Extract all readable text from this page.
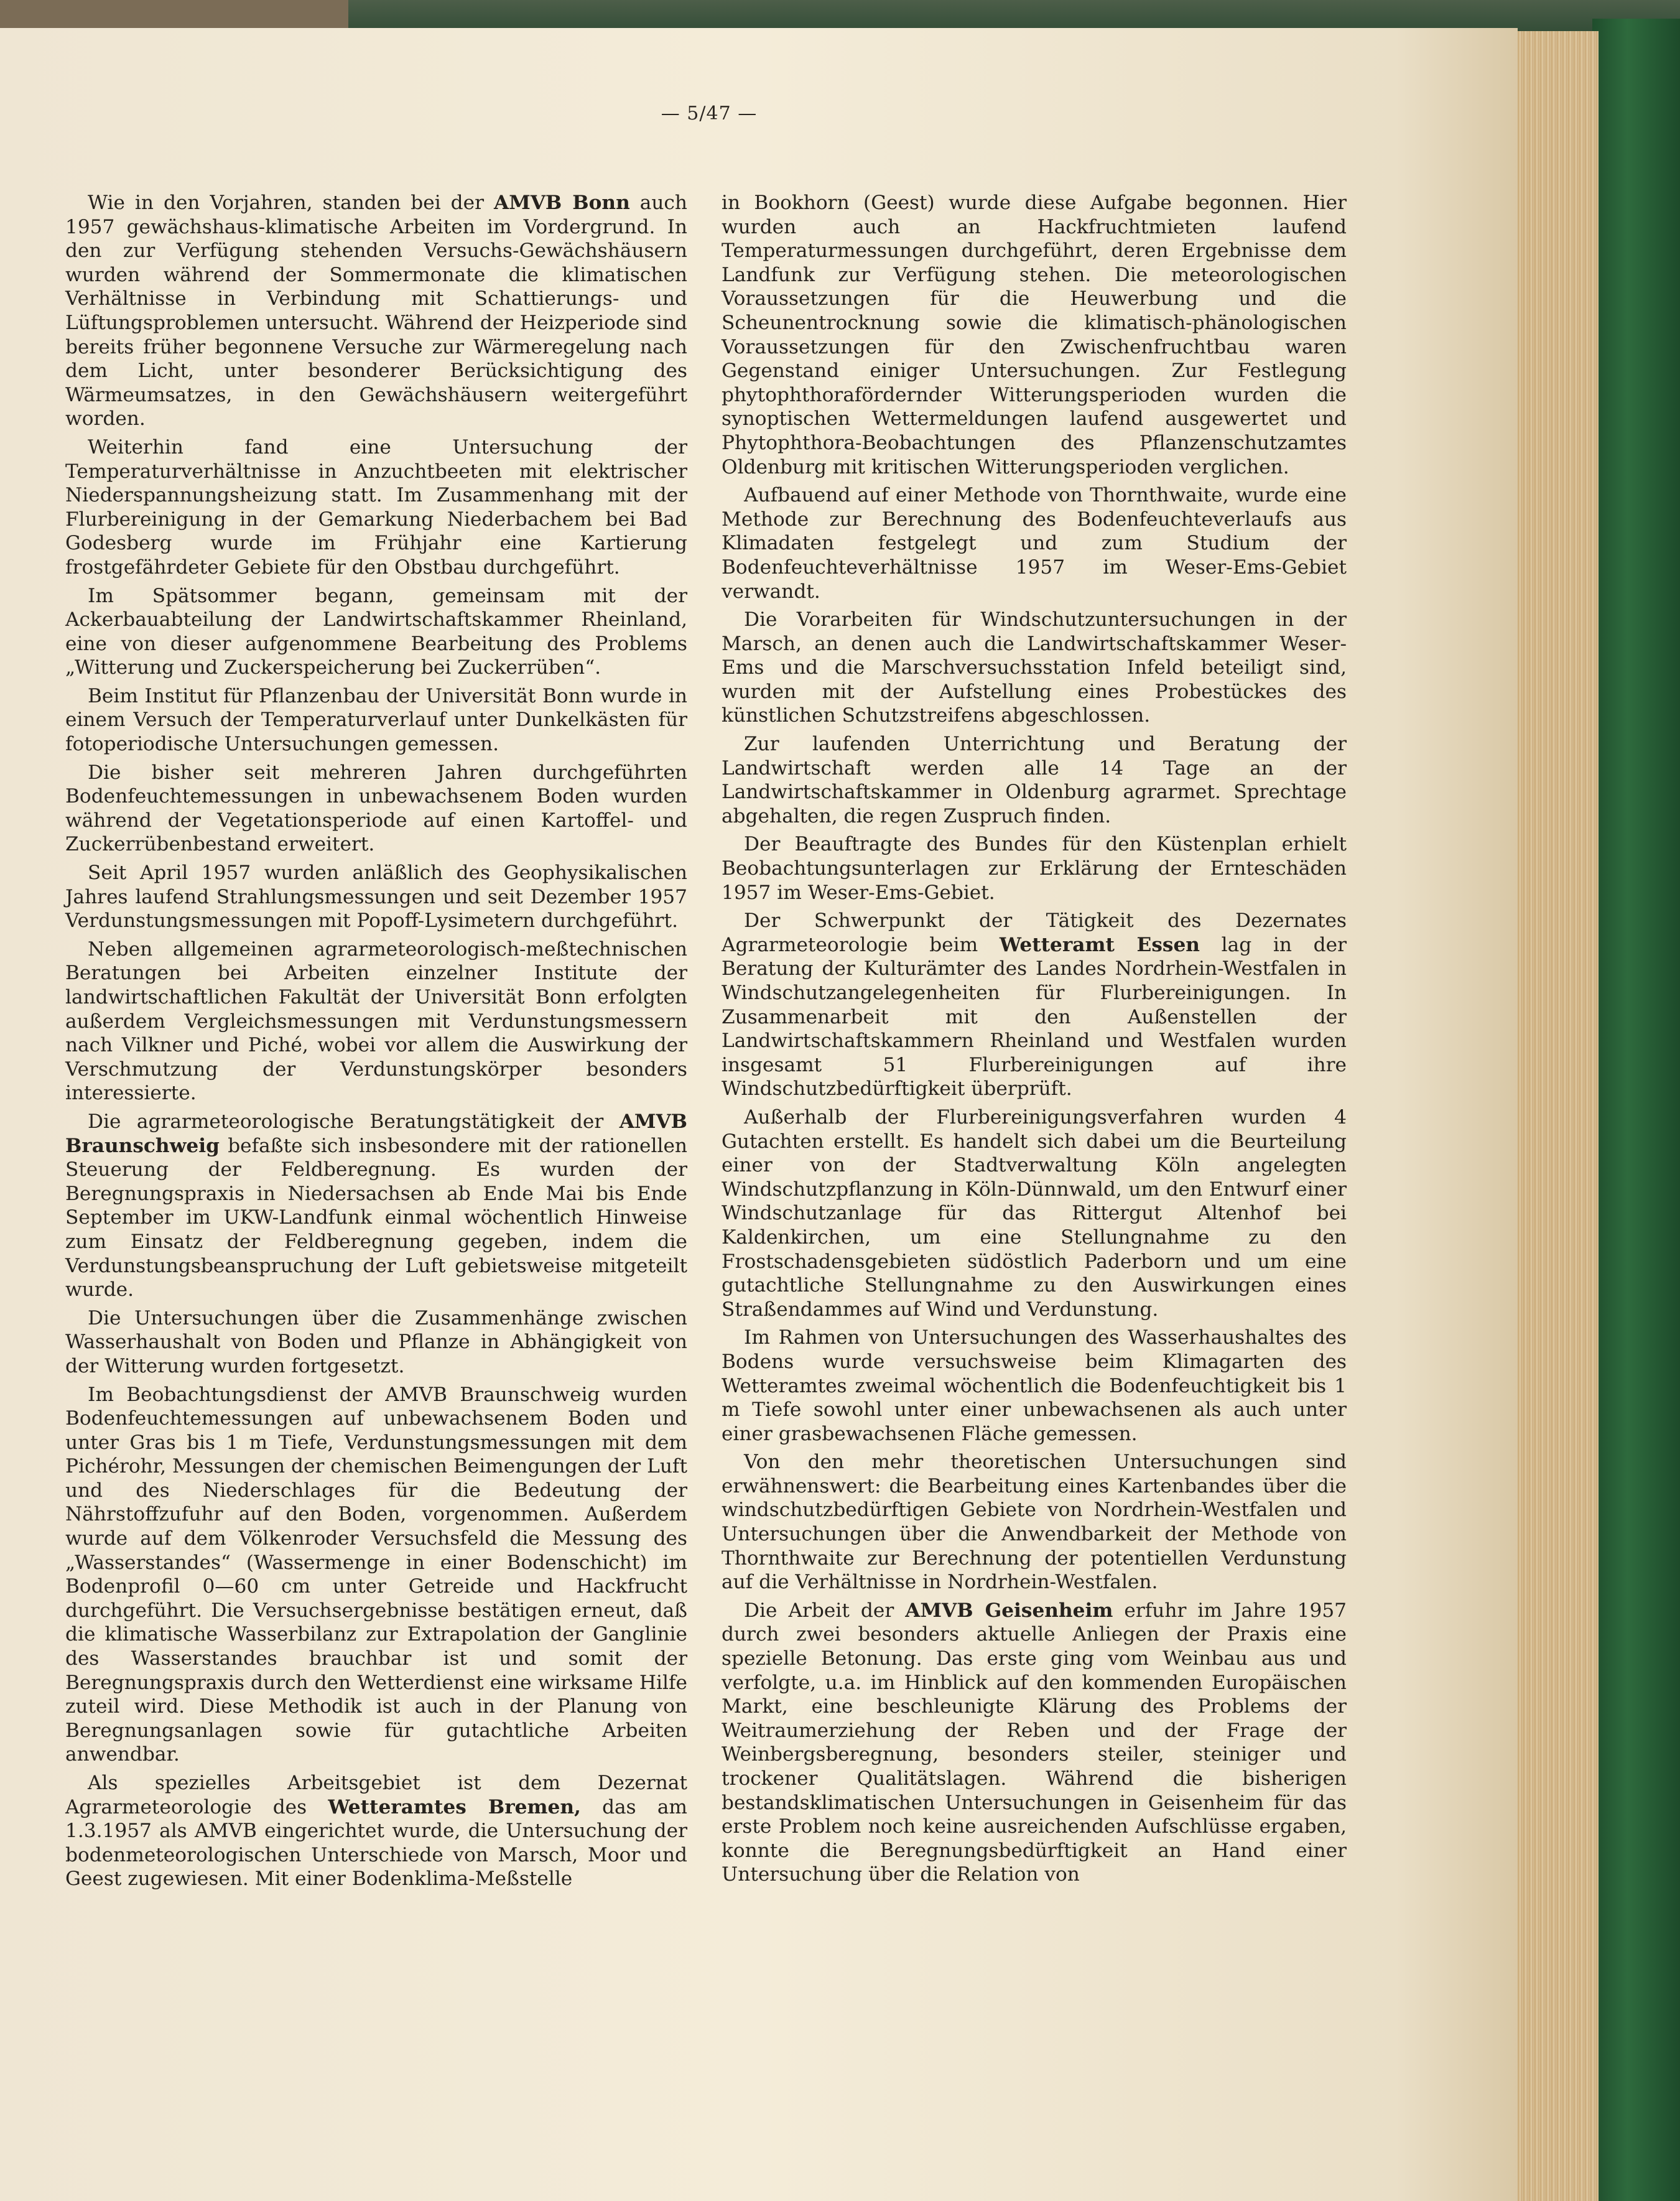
— 5/47 —

Wie in den Vorjahren, standen bei der AMVB Bonn auch 1957 gewächshaus-klimatische Arbeiten im Vordergrund. In den zur Verfügung stehenden Versuchs-Gewächshäusern wurden während der Sommermonate die klimatischen Verhältnisse in Verbindung mit Schattierungs- und Lüftungsproblemen untersucht. Während der Heizperiode sind bereits früher begonnene Versuche zur Wärmeregelung nach dem Licht, unter besonderer Berücksichtigung des Wärmeumsatzes, in den Gewächshäusern weitergeführt worden.

Weiterhin fand eine Untersuchung der Temperaturverhältnisse in Anzuchtbeeten mit elektrischer Niederspannungsheizung statt. Im Zusammenhang mit der Flurbereinigung in der Gemarkung Niederbachem bei Bad Godesberg wurde im Frühjahr eine Kartierung frostgefährdeter Gebiete für den Obstbau durchgeführt.

Im Spätsommer begann, gemeinsam mit der Ackerbauabteilung der Landwirtschaftskammer Rheinland, eine von dieser aufgenommene Bearbeitung des Problems „Witterung und Zuckerspeicherung bei Zuckerrüben“.

Beim Institut für Pflanzenbau der Universität Bonn wurde in einem Versuch der Temperaturverlauf unter Dunkelkästen für fotoperiodische Untersuchungen gemessen.

Die bisher seit mehreren Jahren durchgeführten Bodenfeuchtemessungen in unbewachsenem Boden wurden während der Vegetationsperiode auf einen Kartoffel- und Zuckerrübenbestand erweitert.

Seit April 1957 wurden anläßlich des Geophysikalischen Jahres laufend Strahlungsmessungen und seit Dezember 1957 Verdunstungsmessungen mit Popoff-Lysimetern durchgeführt.

Neben allgemeinen agrarmeteorologisch-meßtechnischen Beratungen bei Arbeiten einzelner Institute der landwirtschaftlichen Fakultät der Universität Bonn erfolgten außerdem Vergleichsmessungen mit Verdunstungsmessern nach Vilkner und Piché, wobei vor allem die Auswirkung der Verschmutzung der Verdunstungskörper besonders interessierte.

Die agrarmeteorologische Beratungstätigkeit der AMVB Braunschweig befaßte sich insbesondere mit der rationellen Steuerung der Feldberegnung. Es wurden der Beregnungspraxis in Niedersachsen ab Ende Mai bis Ende September im UKW-Landfunk einmal wöchentlich Hinweise zum Einsatz der Feldberegnung gegeben, indem die Verdunstungsbeanspruchung der Luft gebietsweise mitgeteilt wurde.

Die Untersuchungen über die Zusammenhänge zwischen Wasserhaushalt von Boden und Pflanze in Abhängigkeit von der Witterung wurden fortgesetzt.

Im Beobachtungsdienst der AMVB Braunschweig wurden Bodenfeuchtemessungen auf unbewachsenem Boden und unter Gras bis 1 m Tiefe, Verdunstungsmessungen mit dem Pichérohr, Messungen der chemischen Beimengungen der Luft und des Niederschlages für die Bedeutung der Nährstoffzufuhr auf den Boden, vorgenommen. Außerdem wurde auf dem Völkenroder Versuchsfeld die Messung des „Wasserstandes“ (Wassermenge in einer Bodenschicht) im Bodenprofil 0—60 cm unter Getreide und Hackfrucht durchgeführt. Die Versuchsergebnisse bestätigen erneut, daß die klimatische Wasserbilanz zur Extrapolation der Ganglinie des Wasserstandes brauchbar ist und somit der Beregnungspraxis durch den Wetterdienst eine wirksame Hilfe zuteil wird. Diese Methodik ist auch in der Planung von Beregnungsanlagen sowie für gutachtliche Arbeiten anwendbar.

Als spezielles Arbeitsgebiet ist dem Dezernat Agrarmeteorologie des Wetteramtes Bremen, das am 1.3.1957 als AMVB eingerichtet wurde, die Untersuchung der bodenmeteorologischen Unterschiede von Marsch, Moor und Geest zugewiesen. Mit einer Bodenklima-Meßstelle

in Bookhorn (Geest) wurde diese Aufgabe begonnen. Hier wurden auch an Hackfruchtmieten laufend Temperaturmessungen durchgeführt, deren Ergebnisse dem Landfunk zur Verfügung stehen. Die meteorologischen Voraussetzungen für die Heuwerbung und die Scheunentrocknung sowie die klimatisch-phänologischen Voraussetzungen für den Zwischenfruchtbau waren Gegenstand einiger Untersuchungen. Zur Festlegung phytophthorafördernder Witterungsperioden wurden die synoptischen Wettermeldungen laufend ausgewertet und Phytophthora-Beobachtungen des Pflanzenschutzamtes Oldenburg mit kritischen Witterungsperioden verglichen.

Aufbauend auf einer Methode von Thornthwaite, wurde eine Methode zur Berechnung des Bodenfeuchteverlaufs aus Klimadaten festgelegt und zum Studium der Bodenfeuchteverhältnisse 1957 im Weser-Ems-Gebiet verwandt.

Die Vorarbeiten für Windschutzuntersuchungen in der Marsch, an denen auch die Landwirtschaftskammer Weser-Ems und die Marschversuchsstation Infeld beteiligt sind, wurden mit der Aufstellung eines Probestückes des künstlichen Schutzstreifens abgeschlossen.

Zur laufenden Unterrichtung und Beratung der Landwirtschaft werden alle 14 Tage an der Landwirtschaftskammer in Oldenburg agrarmet. Sprechtage abgehalten, die regen Zuspruch finden.

Der Beauftragte des Bundes für den Küstenplan erhielt Beobachtungsunterlagen zur Erklärung der Ernteschäden 1957 im Weser-Ems-Gebiet.

Der Schwerpunkt der Tätigkeit des Dezernates Agrarmeteorologie beim Wetteramt Essen lag in der Beratung der Kulturämter des Landes Nordrhein-Westfalen in Windschutzangelegenheiten für Flurbereinigungen. In Zusammenarbeit mit den Außenstellen der Landwirtschaftskammern Rheinland und Westfalen wurden insgesamt 51 Flurbereinigungen auf ihre Windschutzbedürftigkeit überprüft.

Außerhalb der Flurbereinigungsverfahren wurden 4 Gutachten erstellt. Es handelt sich dabei um die Beurteilung einer von der Stadtverwaltung Köln angelegten Windschutzpflanzung in Köln-Dünnwald, um den Entwurf einer Windschutzanlage für das Rittergut Altenhof bei Kaldenkirchen, um eine Stellungnahme zu den Frostschadensgebieten südöstlich Paderborn und um eine gutachtliche Stellungnahme zu den Auswirkungen eines Straßendammes auf Wind und Verdunstung.

Im Rahmen von Untersuchungen des Wasserhaushaltes des Bodens wurde versuchsweise beim Klimagarten des Wetteramtes zweimal wöchentlich die Bodenfeuchtigkeit bis 1 m Tiefe sowohl unter einer unbewachsenen als auch unter einer grasbewachsenen Fläche gemessen.

Von den mehr theoretischen Untersuchungen sind erwähnenswert: die Bearbeitung eines Kartenbandes über die windschutzbedürftigen Gebiete von Nordrhein-Westfalen und Untersuchungen über die Anwendbarkeit der Methode von Thornthwaite zur Berechnung der potentiellen Verdunstung auf die Verhältnisse in Nordrhein-Westfalen.

Die Arbeit der AMVB Geisenheim erfuhr im Jahre 1957 durch zwei besonders aktuelle Anliegen der Praxis eine spezielle Betonung. Das erste ging vom Weinbau aus und verfolgte, u.a. im Hinblick auf den kommenden Europäischen Markt, eine beschleunigte Klärung des Problems der Weitraumerziehung der Reben und der Frage der Weinbergsberegnung, besonders steiler, steiniger und trockener Qualitätslagen. Während die bisherigen bestandsklimatischen Untersuchungen in Geisenheim für das erste Problem noch keine ausreichenden Aufschlüsse ergaben, konnte die Beregnungsbedürftigkeit an Hand einer Untersuchung über die Relation von
